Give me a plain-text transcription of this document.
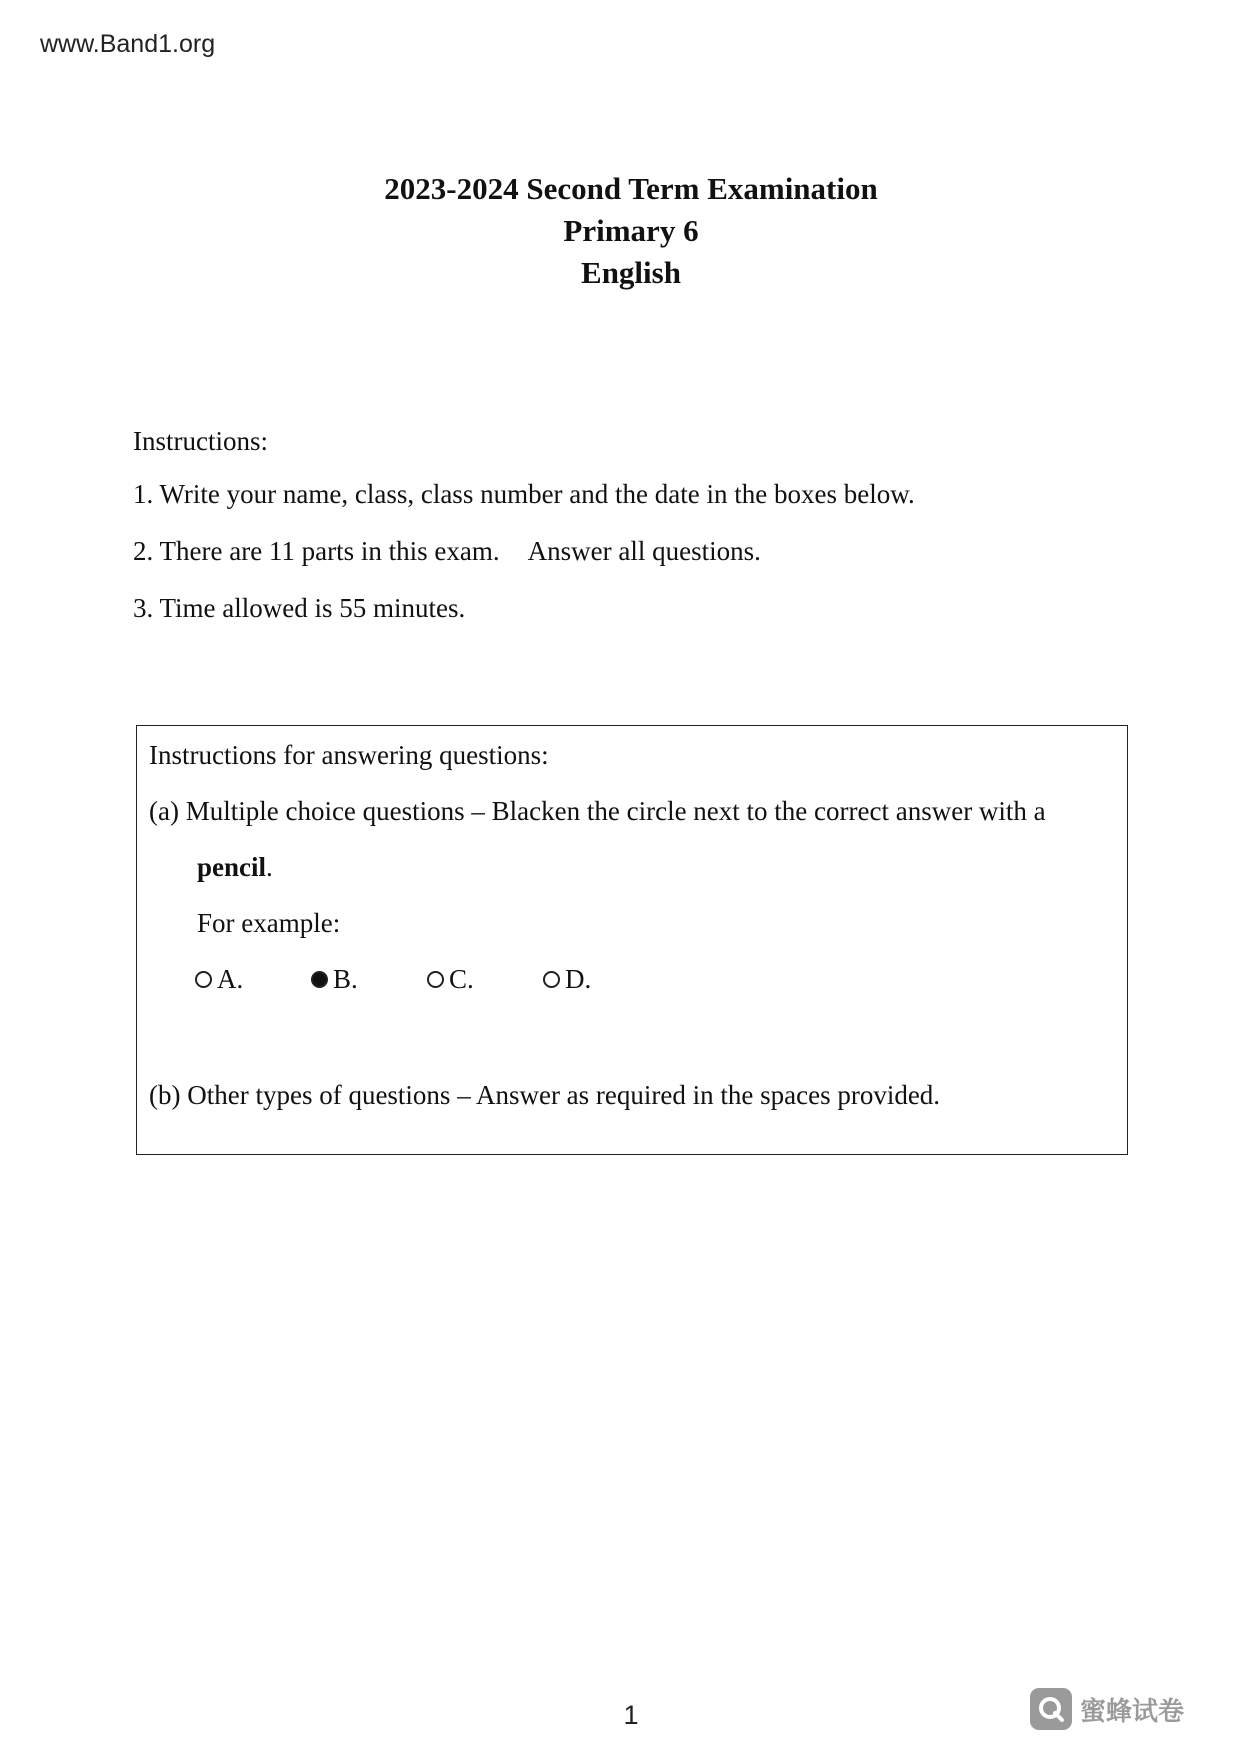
www.Band1.org
2023-2024 Second Term Examination
Primary 6
English
Instructions:
1. Write your name, class, class number and the date in the boxes below.
2. There are 11 parts in this exam. Answer all questions.
3. Time allowed is 55 minutes.
Instructions for answering questions:
(a) Multiple choice questions – Blacken the circle next to the correct answer with a
pencil.
For example:
A.	B.	C.	D.
(b) Other types of questions – Answer as required in the spaces provided.
1	蜜蜂试卷
